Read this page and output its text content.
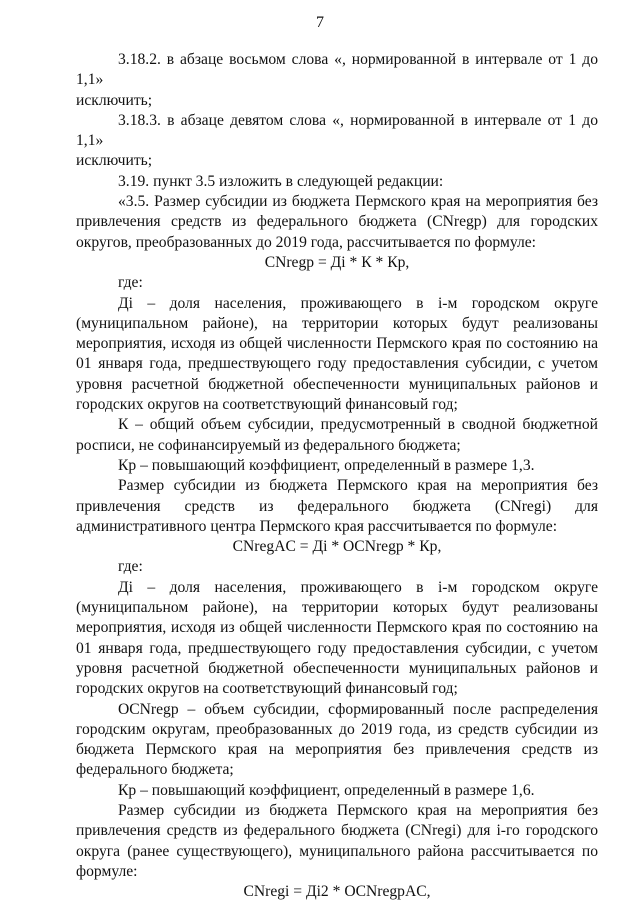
7

3.18.2. в абзаце восьмом слова «, нормированной в интервале от 1 до 1,1»

исключить;

3.18.3. в абзаце девятом слова «, нормированной в интервале от 1 до 1,1»

исключить;

3.19. пункт 3.5 изложить в следующей редакции:

«3.5. Размер субсидии из бюджета Пермского края на мероприятия без привлечения средств из федерального бюджета (CNregp) для городских округов, преобразованных до 2019 года, рассчитывается по формуле:

CNregp = Дi * К * Кр,

где:

Дi – доля населения, проживающего в i-м городском округе (муниципальном районе), на территории которых будут реализованы мероприятия, исходя из общей численности Пермского края по состоянию на 01 января года, предшествующего году предоставления субсидии, с учетом уровня расчетной бюджетной обеспеченности муниципальных районов и городских округов на соответствующий финансовый год;

К – общий объем субсидии, предусмотренный в сводной бюджетной росписи, не софинансируемый из федерального бюджета;

Кр – повышающий коэффициент, определенный в размере 1,3.

Размер субсидии из бюджета Пермского края на мероприятия без привлечения средств из федерального бюджета (CNregi) для административного центра Пермского края рассчитывается по формуле:

CNregAC = Дi * OCNregp * Кр,

где:

Дi – доля населения, проживающего в i-м городском округе (муниципальном районе), на территории которых будут реализованы мероприятия, исходя из общей численности Пермского края по состоянию на 01 января года, предшествующего году предоставления субсидии, с учетом уровня расчетной бюджетной обеспеченности муниципальных районов и городских округов на соответствующий финансовый год;

OCNregp – объем субсидии, сформированный после распределения городским округам, преобразованных до 2019 года, из средств субсидии из бюджета Пермского края на мероприятия без привлечения средств из федерального бюджета;

Кр – повышающий коэффициент, определенный в размере 1,6.

Размер субсидии из бюджета Пермского края на мероприятия без привлечения средств из федерального бюджета (CNregi) для i-го городского округа (ранее существующего), муниципального района рассчитывается по формуле:

CNregi = Дi2 * OCNregpAC,
